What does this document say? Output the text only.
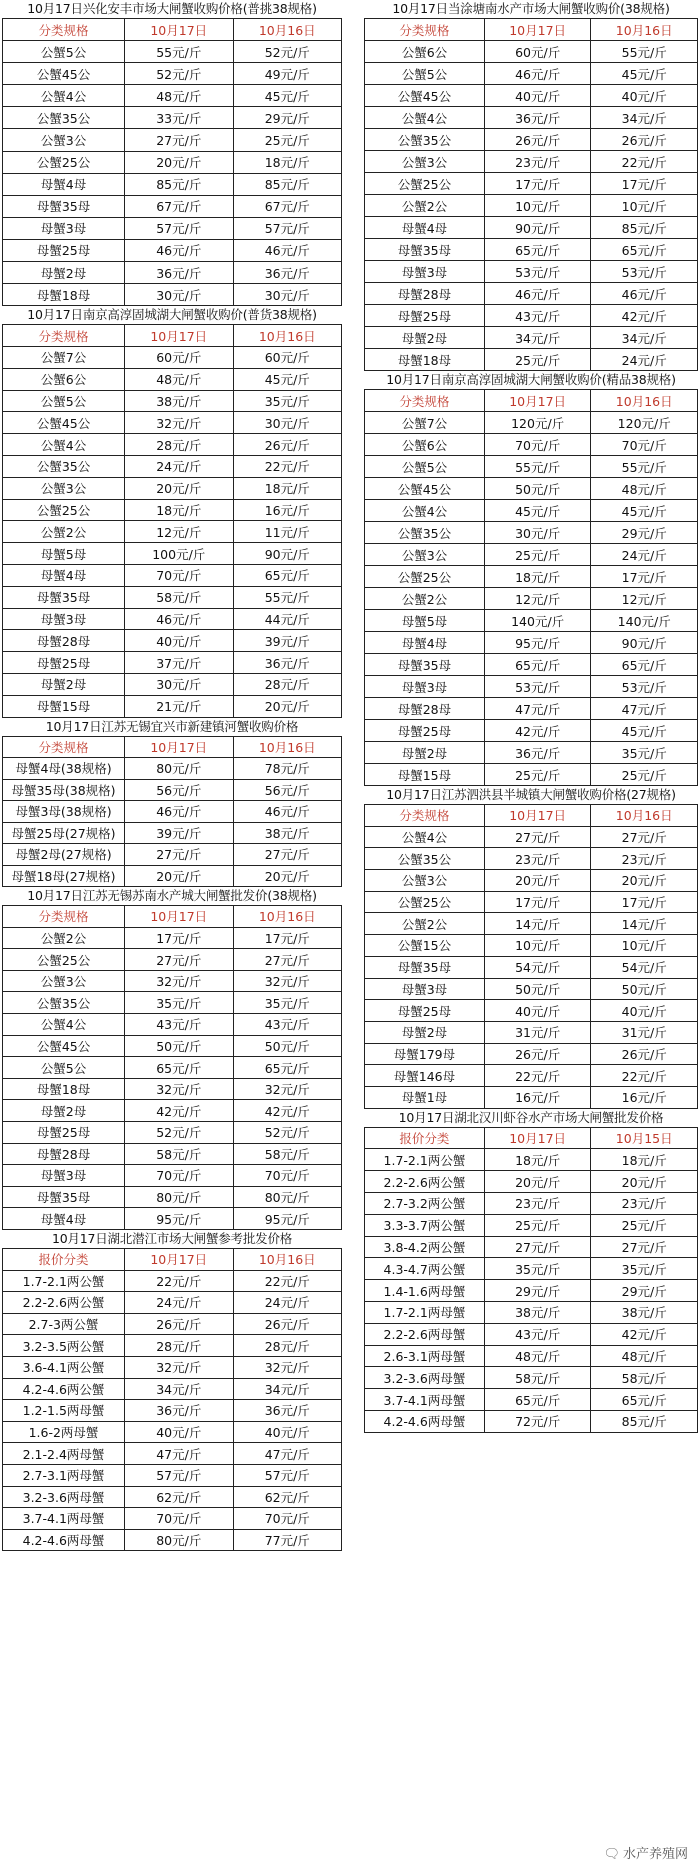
10月17日兴化安丰市场大闸蟹收购价格(普挑38规格)
分类规格	10月17日	10月16日
公蟹5公	55元/斤	52元/斤
公蟹45公	52元/斤	49元/斤
公蟹4公	48元/斤	45元/斤
公蟹35公	33元/斤	29元/斤
公蟹3公	27元/斤	25元/斤
公蟹25公	20元/斤	18元/斤
母蟹4母	85元/斤	85元/斤
母蟹35母	67元/斤	67元/斤
母蟹3母	57元/斤	57元/斤
母蟹25母	46元/斤	46元/斤
母蟹2母	36元/斤	36元/斤
母蟹18母	30元/斤	30元/斤
10月17日南京高淳固城湖大闸蟹收购价(普货38规格)
分类规格	10月17日	10月16日
公蟹7公	60元/斤	60元/斤
公蟹6公	48元/斤	45元/斤
公蟹5公	38元/斤	35元/斤
公蟹45公	32元/斤	30元/斤
公蟹4公	28元/斤	26元/斤
公蟹35公	24元/斤	22元/斤
公蟹3公	20元/斤	18元/斤
公蟹25公	18元/斤	16元/斤
公蟹2公	12元/斤	11元/斤
母蟹5母	100元/斤	90元/斤
母蟹4母	70元/斤	65元/斤
母蟹35母	58元/斤	55元/斤
母蟹3母	46元/斤	44元/斤
母蟹28母	40元/斤	39元/斤
母蟹25母	37元/斤	36元/斤
母蟹2母	30元/斤	28元/斤
母蟹15母	21元/斤	20元/斤
10月17日江苏无锡宜兴市新建镇河蟹收购价格
分类规格	10月17日	10月16日
母蟹4母(38规格)	80元/斤	78元/斤
母蟹35母(38规格)	56元/斤	56元/斤
母蟹3母(38规格)	46元/斤	46元/斤
母蟹25母(27规格)	39元/斤	38元/斤
母蟹2母(27规格)	27元/斤	27元/斤
母蟹18母(27规格)	20元/斤	20元/斤
10月17日江苏无锡苏南水产城大闸蟹批发价(38规格)
分类规格	10月17日	10月16日
公蟹2公	17元/斤	17元/斤
公蟹25公	27元/斤	27元/斤
公蟹3公	32元/斤	32元/斤
公蟹35公	35元/斤	35元/斤
公蟹4公	43元/斤	43元/斤
公蟹45公	50元/斤	50元/斤
公蟹5公	65元/斤	65元/斤
母蟹18母	32元/斤	32元/斤
母蟹2母	42元/斤	42元/斤
母蟹25母	52元/斤	52元/斤
母蟹28母	58元/斤	58元/斤
母蟹3母	70元/斤	70元/斤
母蟹35母	80元/斤	80元/斤
母蟹4母	95元/斤	95元/斤
10月17日湖北潜江市场大闸蟹参考批发价格
报价分类	10月17日	10月16日
1.7-2.1两公蟹	22元/斤	22元/斤
2.2-2.6两公蟹	24元/斤	24元/斤
2.7-3两公蟹	26元/斤	26元/斤
3.2-3.5两公蟹	28元/斤	28元/斤
3.6-4.1两公蟹	32元/斤	32元/斤
4.2-4.6两公蟹	34元/斤	34元/斤
1.2-1.5两母蟹	36元/斤	36元/斤
1.6-2两母蟹	40元/斤	40元/斤
2.1-2.4两母蟹	47元/斤	47元/斤
2.7-3.1两母蟹	57元/斤	57元/斤
3.2-3.6两母蟹	62元/斤	62元/斤
3.7-4.1两母蟹	70元/斤	70元/斤
4.2-4.6两母蟹	80元/斤	77元/斤
10月17日当涂塘南水产市场大闸蟹收购价(38规格)
分类规格	10月17日	10月16日
公蟹6公	60元/斤	55元/斤
公蟹5公	46元/斤	45元/斤
公蟹45公	40元/斤	40元/斤
公蟹4公	36元/斤	34元/斤
公蟹35公	26元/斤	26元/斤
公蟹3公	23元/斤	22元/斤
公蟹25公	17元/斤	17元/斤
公蟹2公	10元/斤	10元/斤
母蟹4母	90元/斤	85元/斤
母蟹35母	65元/斤	65元/斤
母蟹3母	53元/斤	53元/斤
母蟹28母	46元/斤	46元/斤
母蟹25母	43元/斤	42元/斤
母蟹2母	34元/斤	34元/斤
母蟹18母	25元/斤	24元/斤
10月17日南京高淳固城湖大闸蟹收购价(精品38规格)
分类规格	10月17日	10月16日
公蟹7公	120元/斤	120元/斤
公蟹6公	70元/斤	70元/斤
公蟹5公	55元/斤	55元/斤
公蟹45公	50元/斤	48元/斤
公蟹4公	45元/斤	45元/斤
公蟹35公	30元/斤	29元/斤
公蟹3公	25元/斤	24元/斤
公蟹25公	18元/斤	17元/斤
公蟹2公	12元/斤	12元/斤
母蟹5母	140元/斤	140元/斤
母蟹4母	95元/斤	90元/斤
母蟹35母	65元/斤	65元/斤
母蟹3母	53元/斤	53元/斤
母蟹28母	47元/斤	47元/斤
母蟹25母	42元/斤	45元/斤
母蟹2母	36元/斤	35元/斤
母蟹15母	25元/斤	25元/斤
10月17日江苏泗洪县半城镇大闸蟹收购价格(27规格)
分类规格	10月17日	10月16日
公蟹4公	27元/斤	27元/斤
公蟹35公	23元/斤	23元/斤
公蟹3公	20元/斤	20元/斤
公蟹25公	17元/斤	17元/斤
公蟹2公	14元/斤	14元/斤
公蟹15公	10元/斤	10元/斤
母蟹35母	54元/斤	54元/斤
母蟹3母	50元/斤	50元/斤
母蟹25母	40元/斤	40元/斤
母蟹2母	31元/斤	31元/斤
母蟹179母	26元/斤	26元/斤
母蟹146母	22元/斤	22元/斤
母蟹1母	16元/斤	16元/斤
10月17日湖北汉川虾谷水产市场大闸蟹批发价格
报价分类	10月17日	10月15日
1.7-2.1两公蟹	18元/斤	18元/斤
2.2-2.6两公蟹	20元/斤	20元/斤
2.7-3.2两公蟹	23元/斤	23元/斤
3.3-3.7两公蟹	25元/斤	25元/斤
3.8-4.2两公蟹	27元/斤	27元/斤
4.3-4.7两公蟹	35元/斤	35元/斤
1.4-1.6两母蟹	29元/斤	29元/斤
1.7-2.1两母蟹	38元/斤	38元/斤
2.2-2.6两母蟹	43元/斤	42元/斤
2.6-3.1两母蟹	48元/斤	48元/斤
3.2-3.6两母蟹	58元/斤	58元/斤
3.7-4.1两母蟹	65元/斤	65元/斤
4.2-4.6两母蟹	72元/斤	85元/斤
🗨 水产养殖网
